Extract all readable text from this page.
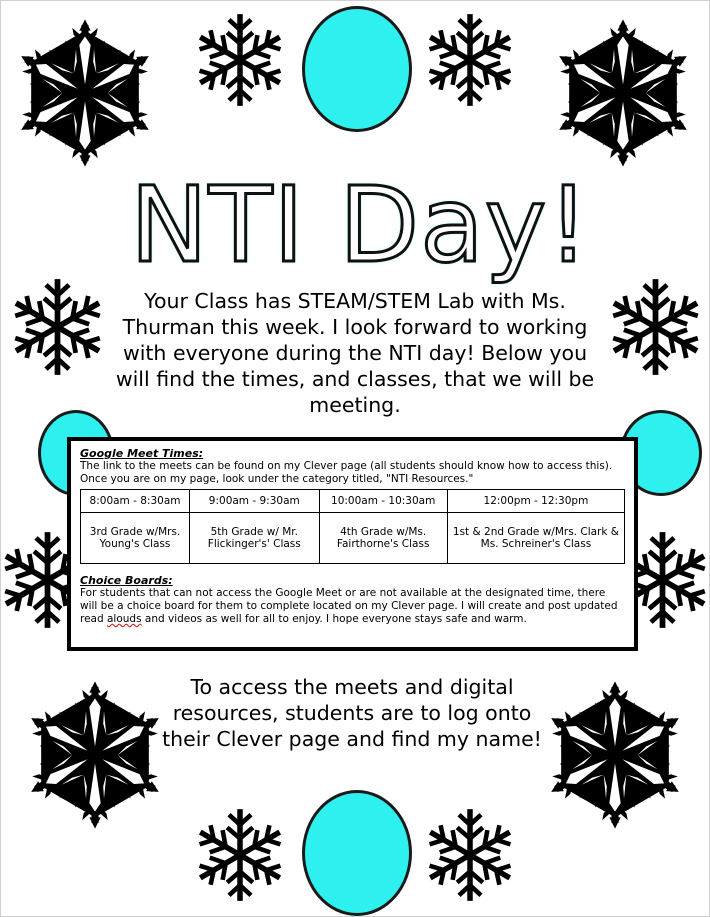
NTI Day!
Your Class has STEAM/STEM Lab with Ms. Thurman this week. I look forward to working with everyone during the NTI day! Below you will find the times, and classes, that we will be meeting.
Google Meet Times:
The link to the meets can be found on my Clever page (all students should know how to access this). Once you are on my page, look under the category titled, "NTI Resources."
8:00am - 8:30am	9:00am - 9:30am	10:00am - 10:30am	12:00pm - 12:30pm
3rd Grade w/Mrs. Young's Class	5th Grade w/ Mr. Flickinger's' Class	4th Grade w/Ms. Fairthorne's Class	1st & 2nd Grade w/Mrs. Clark & Ms. Schreiner's Class
Choice Boards:
For students that can not access the Google Meet or are not available at the designated time, there will be a choice board for them to complete located on my Clever page. I will create and post updated read alouds and videos as well for all to enjoy. I hope everyone stays safe and warm.
To access the meets and digital resources, students are to log onto their Clever page and find my name!
